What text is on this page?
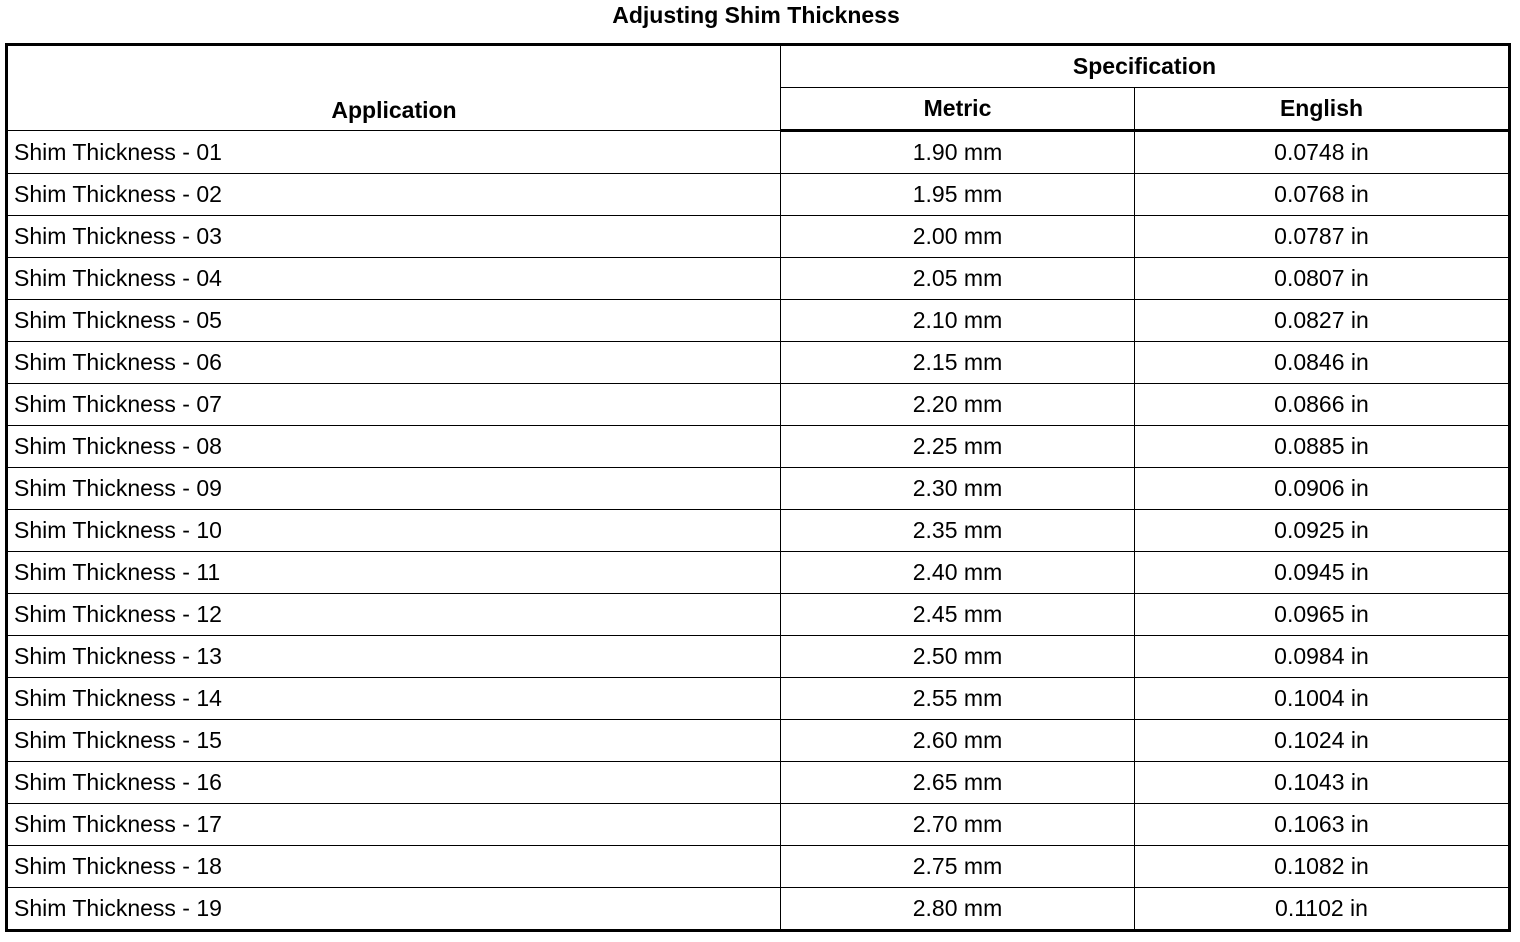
Adjusting Shim Thickness
Application	Specification	
	Metric	English
Shim Thickness - 01	1.90 mm	0.0748 in
Shim Thickness - 02	1.95 mm	0.0768 in
Shim Thickness - 03	2.00 mm	0.0787 in
Shim Thickness - 04	2.05 mm	0.0807 in
Shim Thickness - 05	2.10 mm	0.0827 in
Shim Thickness - 06	2.15 mm	0.0846 in
Shim Thickness - 07	2.20 mm	0.0866 in
Shim Thickness - 08	2.25 mm	0.0885 in
Shim Thickness - 09	2.30 mm	0.0906 in
Shim Thickness - 10	2.35 mm	0.0925 in
Shim Thickness - 11	2.40 mm	0.0945 in
Shim Thickness - 12	2.45 mm	0.0965 in
Shim Thickness - 13	2.50 mm	0.0984 in
Shim Thickness - 14	2.55 mm	0.1004 in
Shim Thickness - 15	2.60 mm	0.1024 in
Shim Thickness - 16	2.65 mm	0.1043 in
Shim Thickness - 17	2.70 mm	0.1063 in
Shim Thickness - 18	2.75 mm	0.1082 in
Shim Thickness - 19	2.80 mm	0.1102 in
